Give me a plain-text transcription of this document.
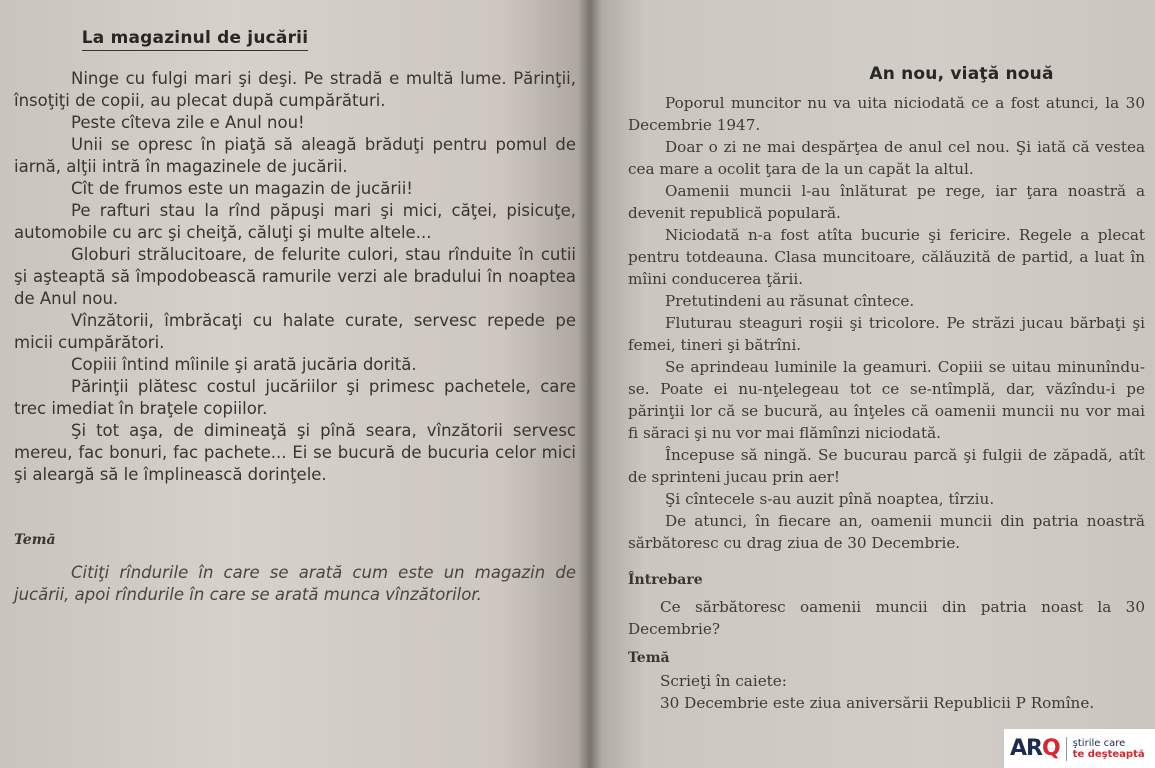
La magazinul de jucării

Ninge cu fulgi mari şi deşi. Pe stradă e multă lume. Părinţii, însoţiţi de copii, au plecat după cumpărături.

Peste cîteva zile e Anul nou!

Unii se opresc în piaţă să aleagă brăduţi pentru pomul de iarnă, alţii intră în magazinele de jucării.

Cît de frumos este un magazin de jucării!

Pe rafturi stau la rînd păpuşi mari şi mici, căţei, pisicuţe, automobile cu arc şi cheiţă, căluţi şi multe altele...

Globuri strălucitoare, de felurite culori, stau rînduite în cutii şi aşteaptă să împodobească ramurile verzi ale bradului în noaptea de Anul nou.

Vînzătorii, îmbrăcaţi cu halate curate, servesc repede pe micii cumpărători.

Copiii întind mîinile şi arată jucăria dorită.

Părinţii plătesc costul jucăriilor şi primesc pachetele, care trec imediat în braţele copiilor.

Şi tot aşa, de dimineaţă şi pînă seara, vînzătorii servesc mereu, fac bonuri, fac pachete... Ei se bucură de bucuria celor mici şi aleargă să le împlinească dorinţele.

Temă

Citiţi rîndurile în care se arată cum este un magazin de jucării, apoi rîndurile în care se arată munca vînzătorilor.

An nou, viaţă nouă

Poporul muncitor nu va uita niciodată ce a fost atunci, la 30 Decembrie 1947.

Doar o zi ne mai despărţea de anul cel nou. Şi iată că vestea cea mare a ocolit ţara de la un capăt la altul.

Oamenii muncii l-au înlăturat pe rege, iar ţara noastră a devenit republică populară.

Niciodată n-a fost atîta bucurie şi fericire. Regele a plecat pentru totdeauna. Clasa muncitoare, călăuzită de partid, a luat în mîini conducerea ţării.

Pretutindeni au răsunat cîntece.

Fluturau steaguri roşii şi tricolore. Pe străzi jucau bărbaţi şi femei, tineri şi bătrîni.

Se aprindeau luminile la geamuri. Copiii se uitau minunîndu-se. Poate ei nu-nţelegeau tot ce se-ntîmplă, dar, văzîndu-i pe părinţii lor că se bucură, au înţeles că oamenii muncii nu vor mai fi săraci şi nu vor mai flămînzi niciodată.

Începuse să ningă. Se bucurau parcă şi fulgii de zăpadă, atît de sprinteni jucau prin aer!

Şi cîntecele s-au auzit pînă noaptea, tîrziu.

De atunci, în fiecare an, oamenii muncii din patria noastră sărbătoresc cu drag ziua de 30 Decembrie.

Întrebare

Ce sărbătoresc oamenii muncii din patria noast la 30 Decembrie?

Temă

Scrieţi în caiete:

30 Decembrie este ziua aniversării Republicii P Romîne.

ARQ ştirile care
te deşteaptă
